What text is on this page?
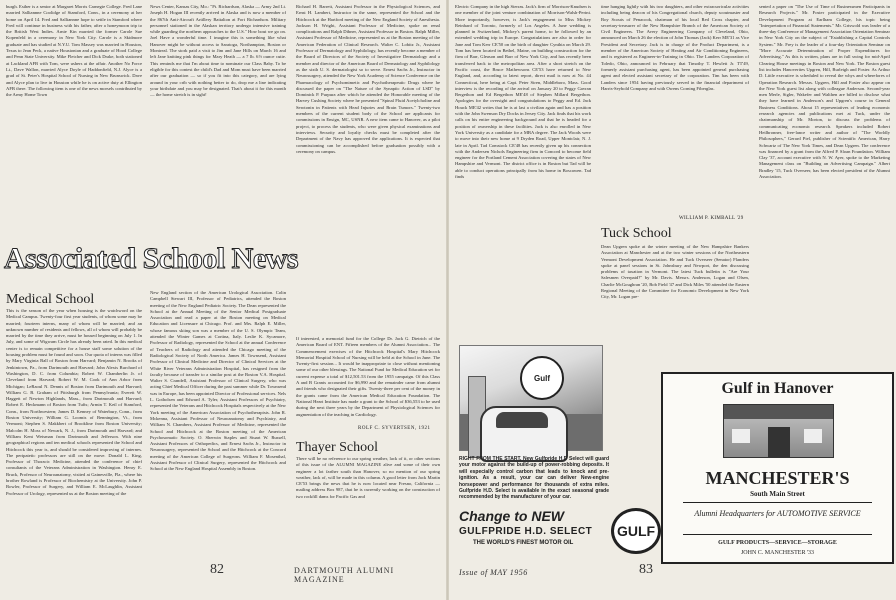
burgh. Esther is a senior at Margaret Morris Carnegie College. Fred Lane married Salliannne Coolidge of Stamford, Conn., in a ceremony at her home on April 14. Fred and Salliannne hope to settle in Stamford where Fred will continue in business with his father, after a honeymoon trip to the British West Indies. Arnie Kin married the former Carole Sue Kopenfeld in a ceremony in New York City. Carole is a Skidmore graduate and has studied at N.Y.U. Tom Massey was married in Houston, Texas to Jean Peck, a native Houstonian and a graduate of Hood College and Penn State University. Mike Fletcher and Dick Drake, both stationed at Lackland AFB with Tom, were ushers at the affair. Another No Force Lt., Dave Wallon, married Alyce Doyle of Haddonfield, N.J. Alyce is a grad of St. Peter's Hospital School of Nursing in New Brunswick. Dave and Alyce plan to live in Houston while he is on active duty at Ellington AFB there. The following item is one of the news morsels contributed by the Army Home Town
News Center, Kansas City, Mo.: "Pt. Richardson, Alaska — Army 2nd Lt. Joseph H. Hogan III recently arrived in Alaska and is now a member of the 867th Anti-Aircraft Artillery Battalion at Fort Richardson. Military personnel stationed in the Alaskan territory undergo intensive training while guarding the northern approaches to the U.S." How bout we go on. Joel Have a wonderful time. I imagine this is something like what Hanover might be without access to Saratoga, Northampton, Boston or Montreal. The stork paid a visit to Jim and Jane Hills on March 16 and left Jane knitting pink things for Mary Heath — a 7 lb. 6½ ounce cutie. This reminds me that I'm about time to nominate our Class Baby. To be eligible for this contest the child's Dad and Mom must have been married after our graduation — so if you fit into this category, and are lying around in your crib with nothing better to do, drop me a line indicating your birthdate and you may be designated. That's about it for this month — the home stretch is in sight!
Richard H. Barrett, Assistant Professor in the Physiological Sciences, and Ernst H. Lambert, Instructor in the same, represented the School and the Hitchcock at the Hartford meeting of the New England Society of Anesthesia. Jackson H. Wright, Assistant Professor of Medicine, spoke on renal complications and Ralph Dibner, Assistant Professor in Boston. Ralph Miller, Assistant Professor of Medicine, represented us at the Boston meeting of the American Federation of Clinical Research. Walter C. Lobitz Jr., Assistant Professor of Dermatology and Syphilology, has recently become a member of the Board of Directors of the Society of Investigative Dermatology and a member and director of the American Board of Dermatology and Syphilology as the sixth U. S. dermatologist so to serve. Ernest Sachs Jr., Instructor in Neurosurgery, attended the New York Academy of Science Conference on the Pharmacology of Psychomimetic and Psychotherapeutic Drugs where he discussed the paper on "The Nature of the Synaptic Action of LSD" by Dominick P. Purpura after which he attended the Honorable meeting of the Harvey Cushing Society where he presented "Spinal Fluid Acetylcholine and Serotonin in Patients with Head Injuries and Brain Tumors." Twenty-two members of the current student body of the School are applicants for commissions in Ensign, MC, USNR. A new item came to Hanover, as a pilot project, to process the students, who were given physical examinations and interviews. Security and loyalty checks must be completed after the Department of the Navy has approved the applications. It is expected that commissioning can be accomplished before graduation possibly with a ceremony on campus.
Associated School News
Medical School
This is the season of the year when housing is the watchword on the Medical Campus. Twenty-four first year students, of whom some may be married; fourteen interns, many of whom will be married; and an unknown number of residents and fellows, all of whom will probably be married by the time they arrive, must be housed beginning on July 1. In July, and some of Wigwam Circle has already been rated. In this medical center is to remain competitive for a house staff some solution of the housing problem must be found and soon. Our quota of interns was filled by Mary Virginia Ball of Boston from Harvard; Benjamin N. Brooks of Jenkintown, Pa., from Dartmouth and Harvard; John Alexis Burchard of Washington, D. C. from Columbia; Robert W. Chamberlin Jr. of Cleveland from Harvard; Robert W. M. Cook of Ann Arbor from Michigan; LeRaoul N. Dennis of Boston from Dartmouth and Harvard; William G. B. Graham of Pittsburgh from Pennsylvania; Everett W. Haggett of Newton Highlands, Mass., from Dartmouth and Harvard; Robert E. Heckmann of Boston from Tufts; Armin T. Keil of Stamford, Conn., from Northwestern; James D. Kenney of Waterbury, Conn., from Boston University; William G. Loomis of Bennington, Vt., from Vermont; Stephen S. Makkbert of Brookline from Boston University; Malcolm H. Moss of Newark, N. J., from Dartmouth and Harvard; and William Kent Weisman from Dartmouth and Jefferson. With nine geographical regions and ten medical schools represented the School and Hitchcock this year is, and should be considered improving of internes. The peripatetic professors are still on the move. Donald L. King, Professor of Thoracic Medicine, attended the conference of chief consultants of the Veterans Administration in Washington. Henry E. Bruck, Professor of Neuroanatomy, visited at Gainesville, Fla., where his brother Rowland is Professor of Biochemistry at the University. John P. Bowler, Professor of Surgery, and William E. McLaughlin, Assistant Professor of Urology, represented us at the Boston meeting of the
New England section of the American Urological Association. Colin Campbell Stewart III, Professor of Pediatrics, attended the Boston meeting of the New England Pediatric Society. The Dean represented the School at the Annual Meeting of the Senior Medical Postgraduate Association and read a paper at the Boston meeting on Medical Education and Licensure at Chicago. Prof. and Mrs. Ralph E. Miller, whose famous skiing son was a member of the U. S. Olympic Team, attended the Winter Games at Cortina, Italy. Leslie K. Sycamore, Professor of Radiology, represented the School at the annual Conference of Teachers of Radiology and attended the Chicago meeting of the Radiological Society of North America. James H. Townsend, Assistant Professor of Clinical Medicine and Director of Clinical Services at the White River Veterans Administration Hospital, has resigned from the faculty because of transfer to a similar post at the Boston V.A. Hospital. Walter S. Crandell, Assistant Professor of Clinical Surgery, who was acting Chief Medical Officer during the past summer while Dr. Townsend was in Europe, has been appointed Director of Professional services. Nels L. Gotholsen and Edward A. Tyler, Assistant Professors of Psychiatry, represented the Veterans and Hitchcock Hospitals respectively at the New York meeting of the American Association of Psychotherapists. John R. Mckenna, Assistant Professor of Neuroanatomy and Psychiatry, and William N. Chambers, Assistant Professor of Medicine, represented the School and Hitchcock at the Boston meeting of the American Psychosomatic Society. O. Sherwin Staples and Stuart W. Russell, Assistant Professors of Orthopedics, and Ernest Sachs Jr., Instructor in Neurosurgery, represented the School and the Hitchcock at the Concord meeting of the American College of Surgeons. William F. Mosenthal, Assistant Professor of Clinical Surgery, represented the Hitchcock and School at the New England Hospital Assembly in Boston.
If interested, a memorial fund for the College Dr. Jack G. Dietrich of the American Board of ENT. Fifteen members of the Alumni Association... The Commencement exercises of the Hitchcock Hospital's Mary Hitchcock Memorial Hospital School of Nursing will be held at the School in June. The Twenty-first session... It would be inappropriate to close without mentioning some of our other blessings. The National Fund for Medical Education set for current expense a total of $12,501.53 from the 1955 campaign. Of this Class A and B Grants accounted for $6,990 and the remainder came from alumni and friends who designated their gifts. Twenty-three per cent of the money in the grants came from the American Medical Education Foundation. The National Heart Institute has made a grant to the School of $36,553 to be used during the next three years by the Department of Physiological Sciences for augmentation of the teaching in Cardiology.
ROLF C. SYVERTSEN, 1921
Thayer School
There will be no reference to our spring weather, lack of it, or other sections of this issue of the ALUMNI MAGAZINE alive and some of their own engineer a lot farther south than Hanover, so no mention of our spring weather, lack of, will be made in this column. A good letter from Jack Martin CE'53 brings the news that he is now located near Fresno, California — mailing address Box 987, that he is currently working on the construction of two rockfill dams for Pacific Gas and
82	DARTMOUTH ALUMNI MAGAZINE
Electric Company in the high Sierras. Jack's firm of Morrison-Knudsen is one member of the joint venture combination of Morrison-Walsh-Perini. More importantly, however, is Jack's engagement to Miss Mickey Reinhard of Toronto, formerly of Los Angeles. A June wedding is planned in Switzerland, Mickey's parent home, to be followed by an extended wedding trip in Europe. Congratulations are also in order for Jane and Tom Kerr CE'50 on the birth of daughter Cynthia on March 29. Tom has been located in Bethel, Maine, on building construction for the firm of Barr, Gleason and Barr of New York City, and has recently been transferred back to the metropolitan area. After a short stretch on the Pacific coast, the Bruce Mathewsons CE'53 have returned to New England, and, according to latest report, direct mail is now at No. 44 Connecticut, here being at Capt. Peter Siren, Middleboro, Mass. Good interview is the recording of the arrival on January 20 to Peggy Gavran Bergethon and Ed Bergethon ME'48 of Stephen Millard Bergethon. Apologies for the oversight and congratulations to Peggy and Ed. Jack Houck ME'42 writes that he is at last a civilian again and has a position with the John Swenson Dry Docks in Jersey City. Jack finds that his work calls on his entire engineering background and that he is headed for a position of ownership in these facilities. Jack is also enrolled in New York University as a candidate for a MBA degree. The Jack Woods were to move into their new home at 9 Dryden Road, Upper Montclair, N. J. late in April. Tad Comstock CE'48 has recently given up his connection with the Andersen Nichols Engineering firm in Concord to become field engineer for the Portland Cement Association covering the states of New Hampshire and Vermont. The district office is in Boston but Tad will be able to conduct operations principally from his home in Boscawen. Tad finds
time hanging lightly with his two daughters, and other extracurricular activities including being deacon of his Congregational church, deputy scoutmaster and Boy Scouts of Penacook, chairman of his local Red Cross chapter, and secretary-treasurer of the New Hampshire Branch of the American Society of Civil Engineers. The Avery Engineering Company of Cleveland, Ohio, announced on March 26 the election of John Thomas (Jack) Kerr ME'31 as Vice President and Secretary. Jack is in charge of the Product Department, is a member of the American Society of Heating and Air Conditioning Engineers, and is registered as Engineer-in-Training in Ohio. The Landers Corporation of Toledo, Ohio, announced in February that Timothy T. Hewlett Jr. TT'49, formerly assistant purchasing agent, has been appointed general purchasing agent and elected assistant secretary of the corporation. Tim has been with Landers since 1954 having previously served in the financial department of Harris-Seybold Company and with Owens Corning Fiberglas.
WILLIAM P. KIMBALL '29
Tuck School
Dean Upgren spoke at the winter meeting of the New Hampshire Bankers Association at Manchester and at the two winter sessions of the Northeastern Vermont Development Association. He and Tuck Overseer (Senator) Flanders spoke at panel sessions in St. Johnsbury and Newport, the den discussing problems of taxation in Vermont. The latest Tuck bulletin is "Are Your Salesmen Overpaid?" by Mr. Davis. Messrs. Anderson, Logan and Olsen, Charlie McGoughran '20, Bob Field '47 and Dick Miles '50 attended the Eastern Regional Meeting of the Committee for Economic Development in New York City, Mr. Logan pre-
sented a paper on "The Use of Time of Businessmen Participants in Research Projects." Mr. Foster participated in the Executive Development Program at Earlham College, his topic being "Interpretation of Financial Statements." Mr. Griswold was leader of a three-day Conference of Management Association Orientation Seminar in New York City on the subject of "Establishing a Capital Controls System." Mr. Frey is the leader of a four-day Orientation Seminar on "More Accurate Determination of Proper Expenditures for Advertising." As this is written, plans are in full swing for mid-April Clearing House meetings in Boston and New York. The Boston guest list includes Hanoverites Upgren, Hill, Burleigh and Foster. As Arthur D. Little executive is scheduled to reveal the whys and wherefores of Operation Research. Messrs. Upgren, Hill and Foster also appear on the New York guest list along with colleague Anderson. Second-year men Merle, Sigler, Wakefer and Walthen are billed to disclose what they have learned in Anderson's and Upgren's course in General Business Conditions. About 15 representatives of leading economic research agencies and publications met at Tuck, under the chairmanship of Mr. Morton, to discuss the problems of communicating economic research. Speakers included Robert Heilbronner, free-lance writer and author of "The Worldly Philosophers," Gerard Piel, publisher of Scientific American, Harry Schwartz of The New York Times, and Dean Upgren. The conference was financed by a grant from the Alfred P. Sloan Foundation. William Clay '37, account executive with N. W. Ayer, spoke to the Marketing Management class on "Building an Advertising Campaign." Albert Bradley '15, Tuck Overseer, has been elected president of the Alumni Association.
Gulf
RIGHT FROM THE START, New Gulfpride H.D Select will guard your motor against the build-up of power-robbing deposits. It will especially control carbon that leads to knock and pre-ignition. As a result, your car can deliver New-engine horsepower and performance for thousands of extra miles. Gulfpride H.D. Select is available in the exact seasonal grade recommended by the manufacturer of your car.
Change to NEW
GULFPRIDE H.D. SELECT
THE WORLD'S FINEST MOTOR OIL
GULF
Gulf in Hanover
MANCHESTER'S
South Main Street
Alumni Headquarters for AUTOMOTIVE SERVICE
GULF PRODUCTS—SERVICE—STORAGE
JOHN C. MANCHESTER '33
Issue of MAY 1956	83
